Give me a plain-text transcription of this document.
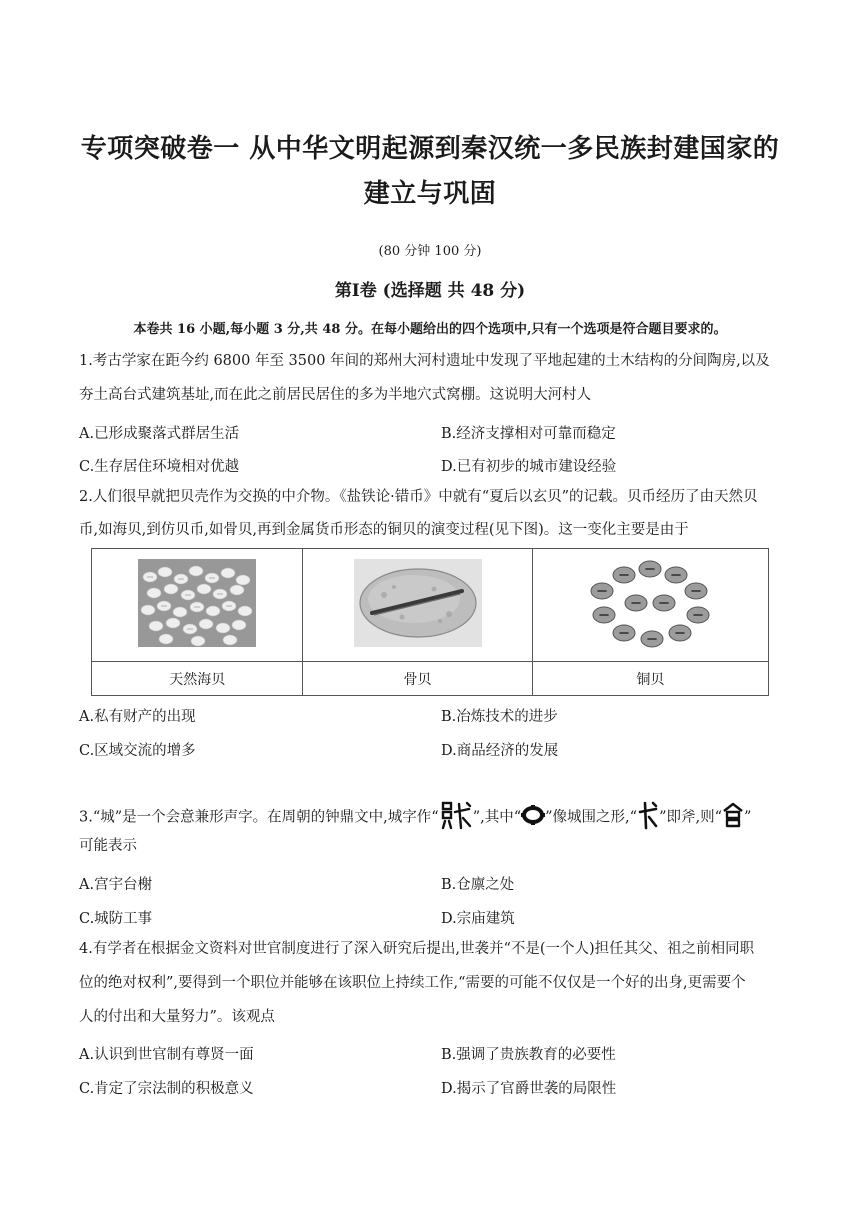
专项突破卷一 从中华文明起源到秦汉统一多民族封建国家的
建立与巩固
(80 分钟 100 分)
第Ⅰ卷 (选择题 共 48 分)
本卷共 16 小题,每小题 3 分,共 48 分。在每小题给出的四个选项中,只有一个选项是符合题目要求的。
1.考古学家在距今约 6800 年至 3500 年间的郑州大河村遗址中发现了平地起建的土木结构的分间陶房,以及
夯土高台式建筑基址,而在此之前居民居住的多为半地穴式窝棚。这说明大河村人
A.已形成聚落式群居生活	B.经济支撑相对可靠而稳定
C.生存居住环境相对优越	D.已有初步的城市建设经验
2.人们很早就把贝壳作为交换的中介物。《盐铁论·错币》中就有“夏后以玄贝”的记载。贝币经历了由天然贝
币,如海贝,到仿贝币,如骨贝,再到金属货币形态的铜贝的演变过程(见下图)。这一变化主要是由于

天然海贝	骨贝	铜贝
A.私有财产的出现	B.冶炼技术的进步
C.区域交流的增多	D.商品经济的发展
3.“城”是一个会意兼形声字。在周朝的钟鼎文中,城字作“ ”,其中“ ”像城围之形,“ ”即斧,则“ ”
可能表示
A.宫宇台榭	B.仓廪之处
C.城防工事	D.宗庙建筑
4.有学者在根据金文资料对世官制度进行了深入研究后提出,世袭并“不是(一个人)担任其父、祖之前相同职
位的绝对权利”,要得到一个职位并能够在该职位上持续工作,“需要的可能不仅仅是一个好的出身,更需要个
人的付出和大量努力”。该观点
A.认识到世官制有尊贤一面	B.强调了贵族教育的必要性
C.肯定了宗法制的积极意义	D.揭示了官爵世袭的局限性
